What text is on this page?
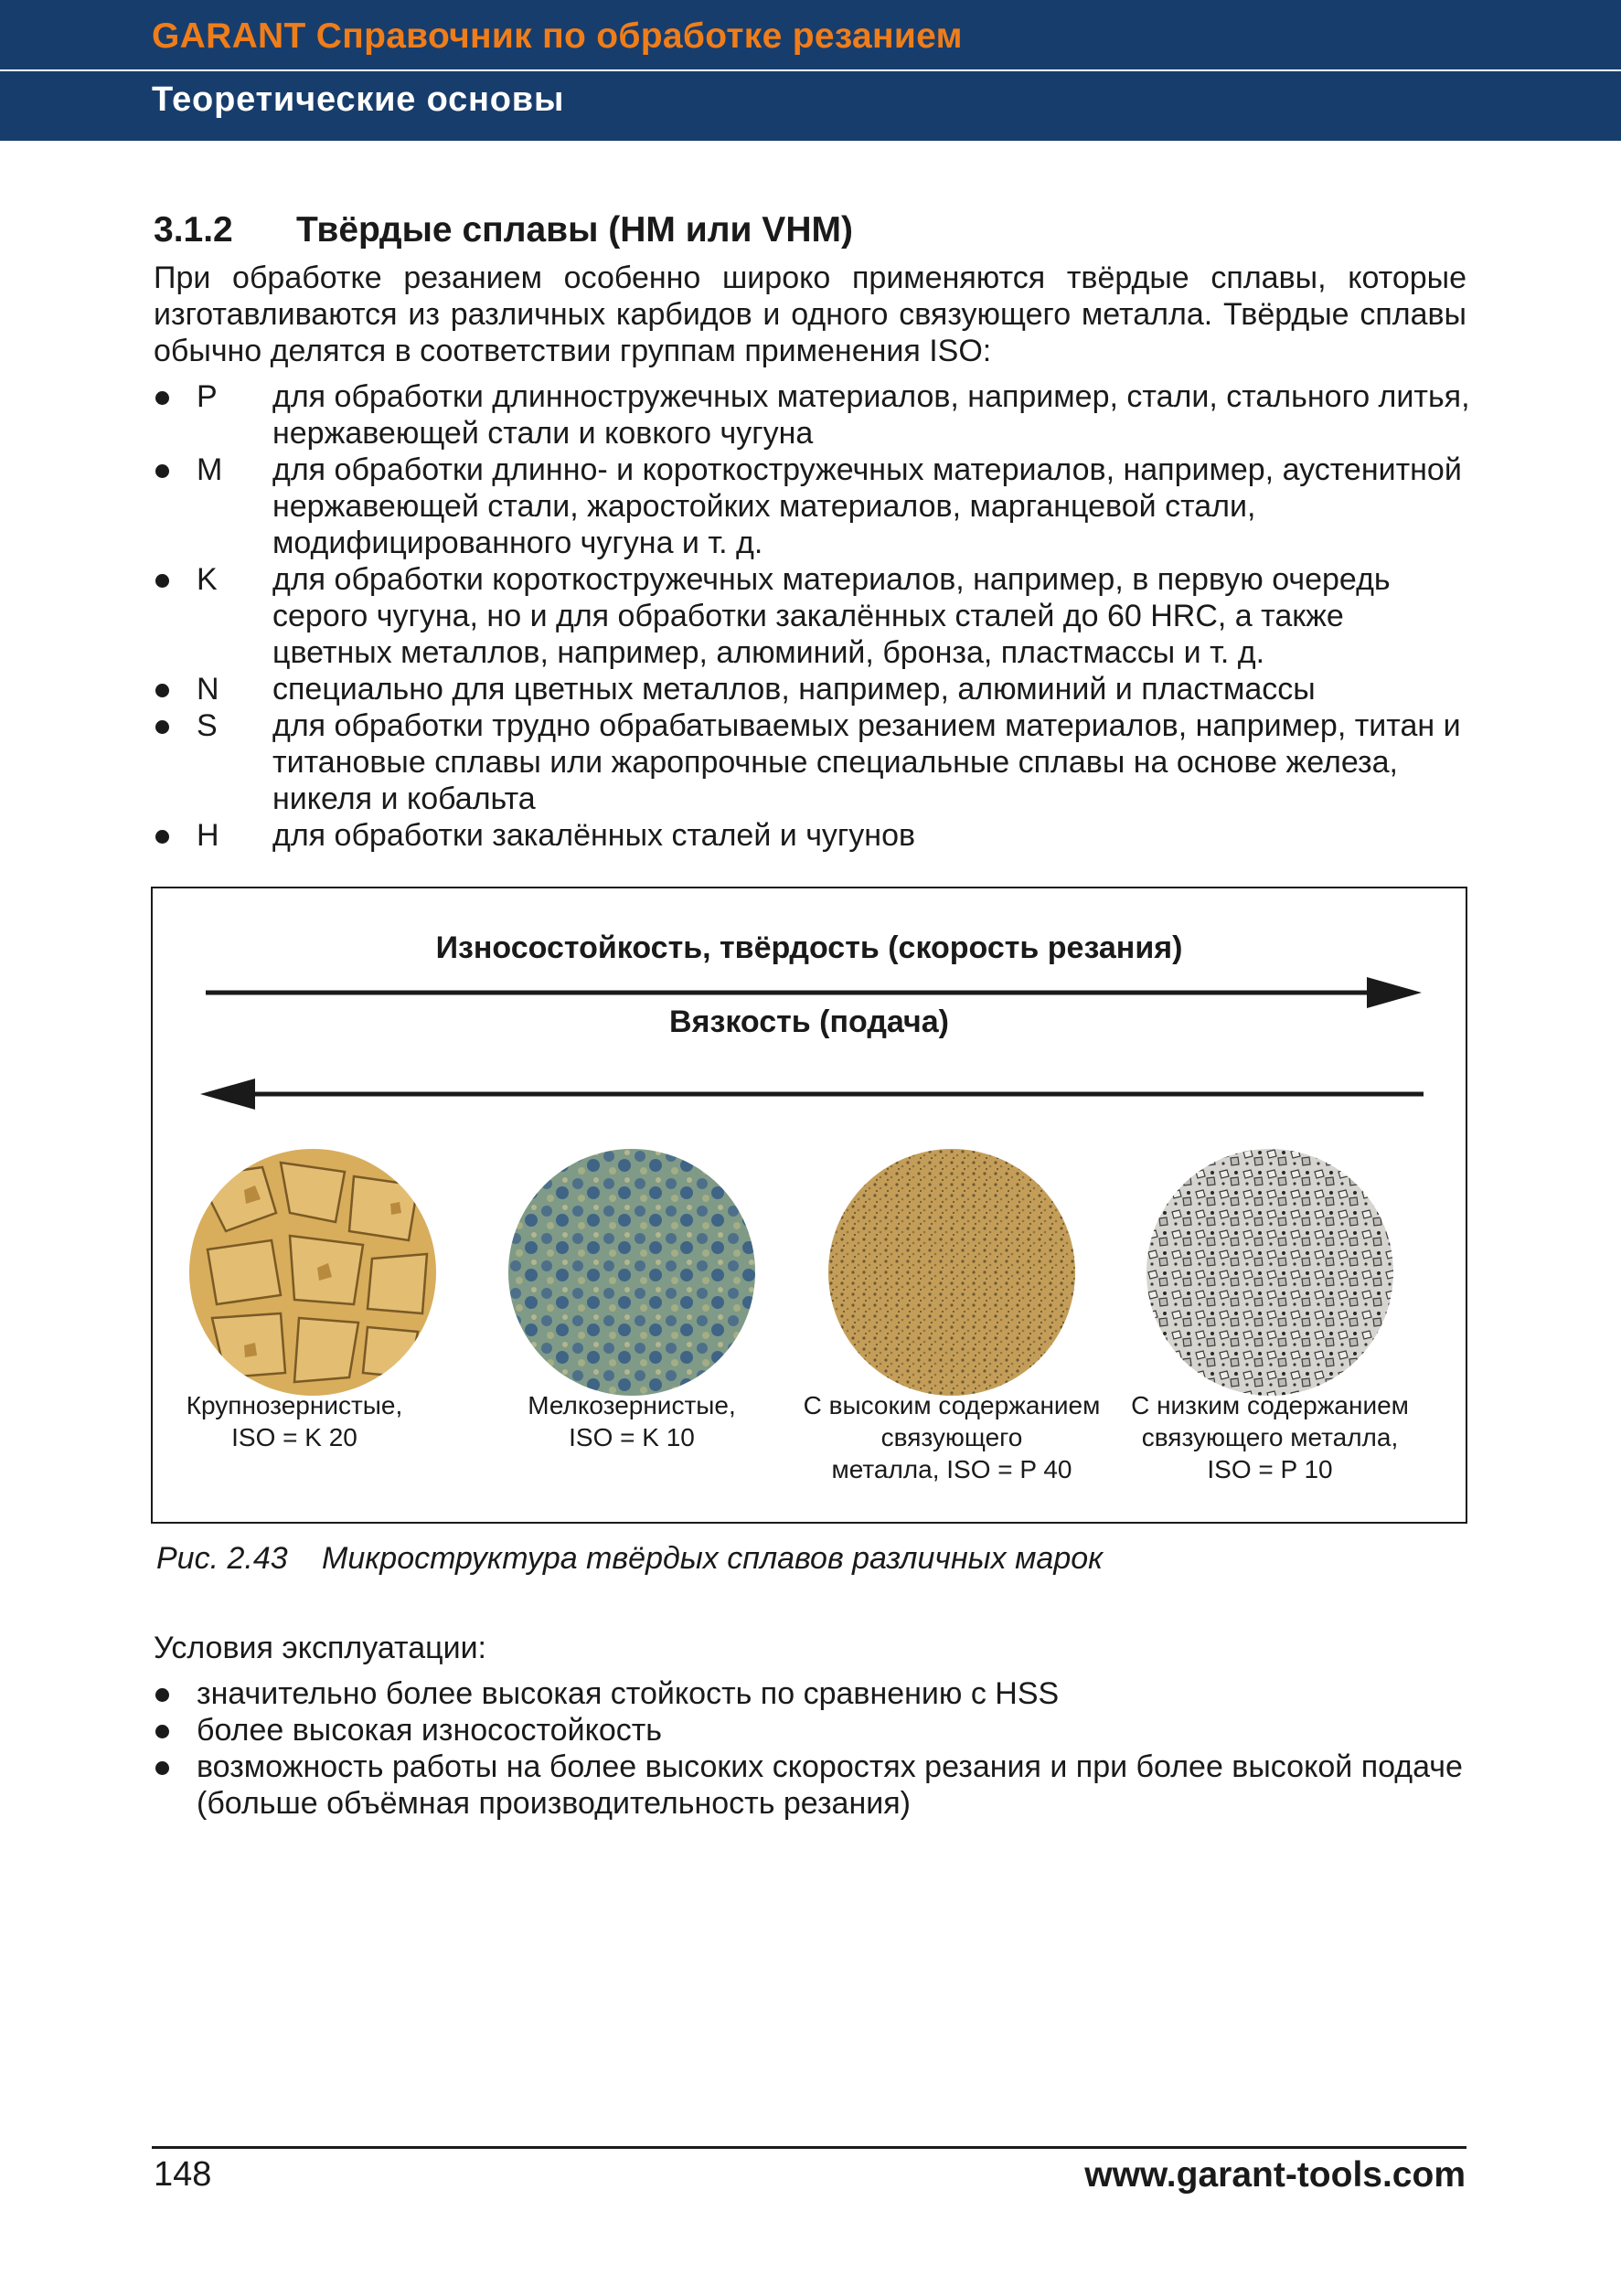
GARANT Справочник по обработке резанием
Теоретические основы
3.1.2 Твёрдые сплавы (HM или VHM)
При обработке резанием особенно широко применяются твёрдые сплавы, которые изготавливаются из различных карбидов и одного связующего металла. Твёрдые сплавы обычно делятся в соответствии группам применения ISO:
P для обработки длинностружечных материалов, например, стали, стального литья, нержавеющей стали и ковкого чугуна
M для обработки длинно- и короткостружечных материалов, например, аустенитной нержавеющей стали, жаростойких материалов, марганцевой стали, модифицированного чугуна и т. д.
K для обработки короткостружечных материалов, например, в первую очередь серого чугуна, но и для обработки закалённых сталей до 60 HRC, а также цветных металлов, например, алюминий, бронза, пластмассы и т. д.
N специально для цветных металлов, например, алюминий и пластмассы
S для обработки трудно обрабатываемых резанием материалов, например, титан и титановые сплавы или жаропрочные специальные сплавы на основе железа, никеля и кобальта
H для обработки закалённых сталей и чугунов
Износостойкость, твёрдость (скорость резания)
Вязкость (подача)
Крупнозернистые,
ISO = K 20
Мелкозернистые,
ISO = K 10
С высоким содержанием
связующего
металла, ISO = P 40
С низким содержанием
связующего металла,
ISO = P 10
Рис. 2.43 Микроструктура твёрдых сплавов различных марок
Условия эксплуатации:
значительно более высокая стойкость по сравнению с HSS
более высокая износостойкость
возможность работы на более высоких скоростях резания и при более высокой подаче (больше объёмная производительность резания)
148	www.garant-tools.com
